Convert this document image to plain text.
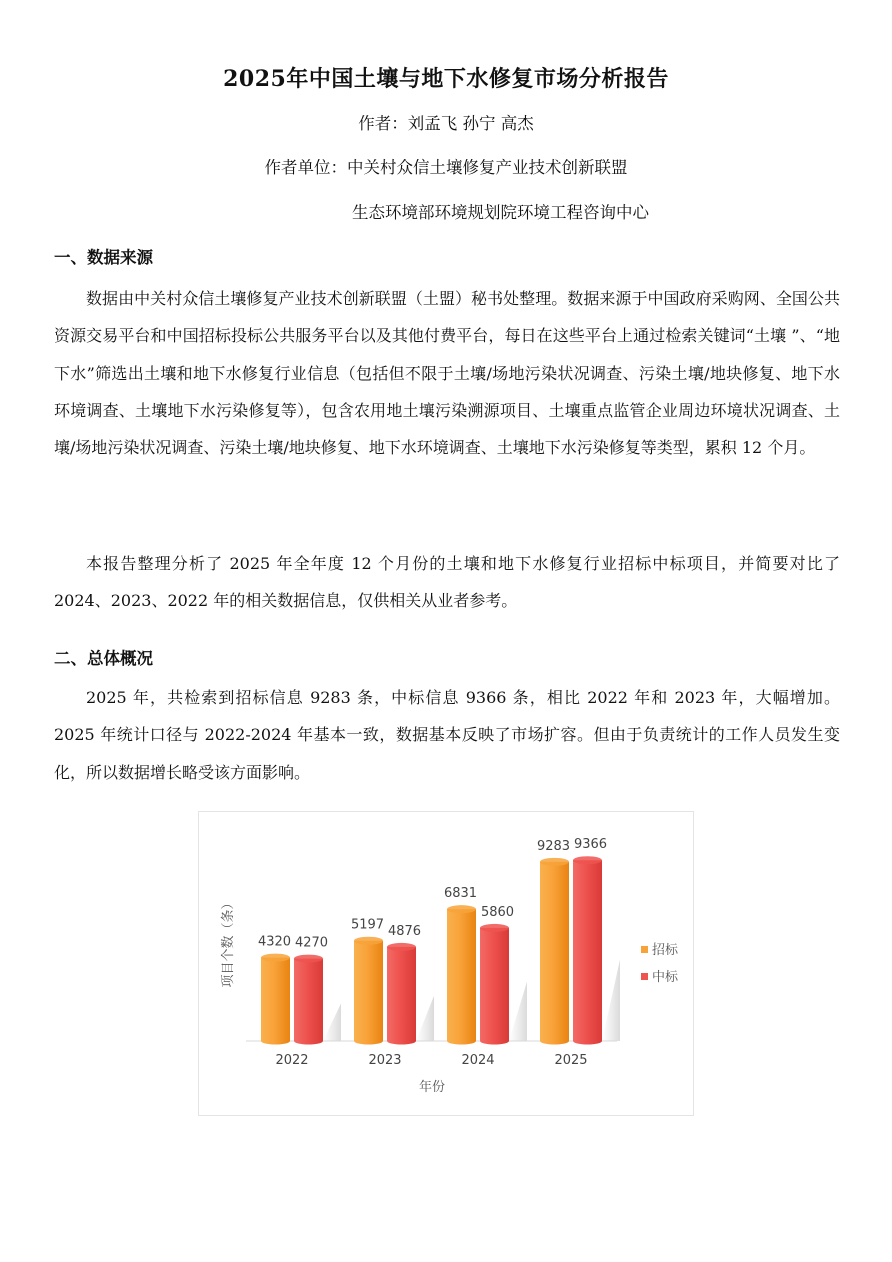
2025年中国土壤与地下水修复市场分析报告
作者：刘孟飞 孙宁 高杰
作者单位：中关村众信土壤修复产业技术创新联盟
生态环境部环境规划院环境工程咨询中心
一、数据来源

数据由中关村众信土壤修复产业技术创新联盟（土盟）秘书处整理。数据来源于中国政府采购网、全国公共资源交易平台和中国招标投标公共服务平台以及其他付费平台，每日在这些平台上通过检索关键词“土壤 ”、“地下水”筛选出土壤和地下水修复行业信息（包括但不限于土壤/场地污染状况调查、污染土壤/地块修复、地下水环境调查、土壤地下水污染修复等），包含农用地土壤污染溯源项目、土壤重点监管企业周边环境状况调查、土壤/场地污染状况调查、污染土壤/地块修复、地下水环境调查、土壤地下水污染修复等类型，累积 12 个月。

本报告整理分析了 2025 年全年度 12 个月份的土壤和地下水修复行业招标中标项目，并简要对比了 2024、2023、2022 年的相关数据信息，仅供相关从业者参考。

二、总体概况

2025 年，共检索到招标信息 9283 条，中标信息 9366 条，相比 2022 年和 2023 年，大幅增加。2025 年统计口径与 2022-2024 年基本一致，数据基本反映了市场扩容。但由于负责统计的工作人员发生变化，所以数据增长略受该方面影响。

4320 4270
5197 4876
6831
5860
9283 9366
2022	2023	2024	2025
年份
项目个数（条）	招标
中标
